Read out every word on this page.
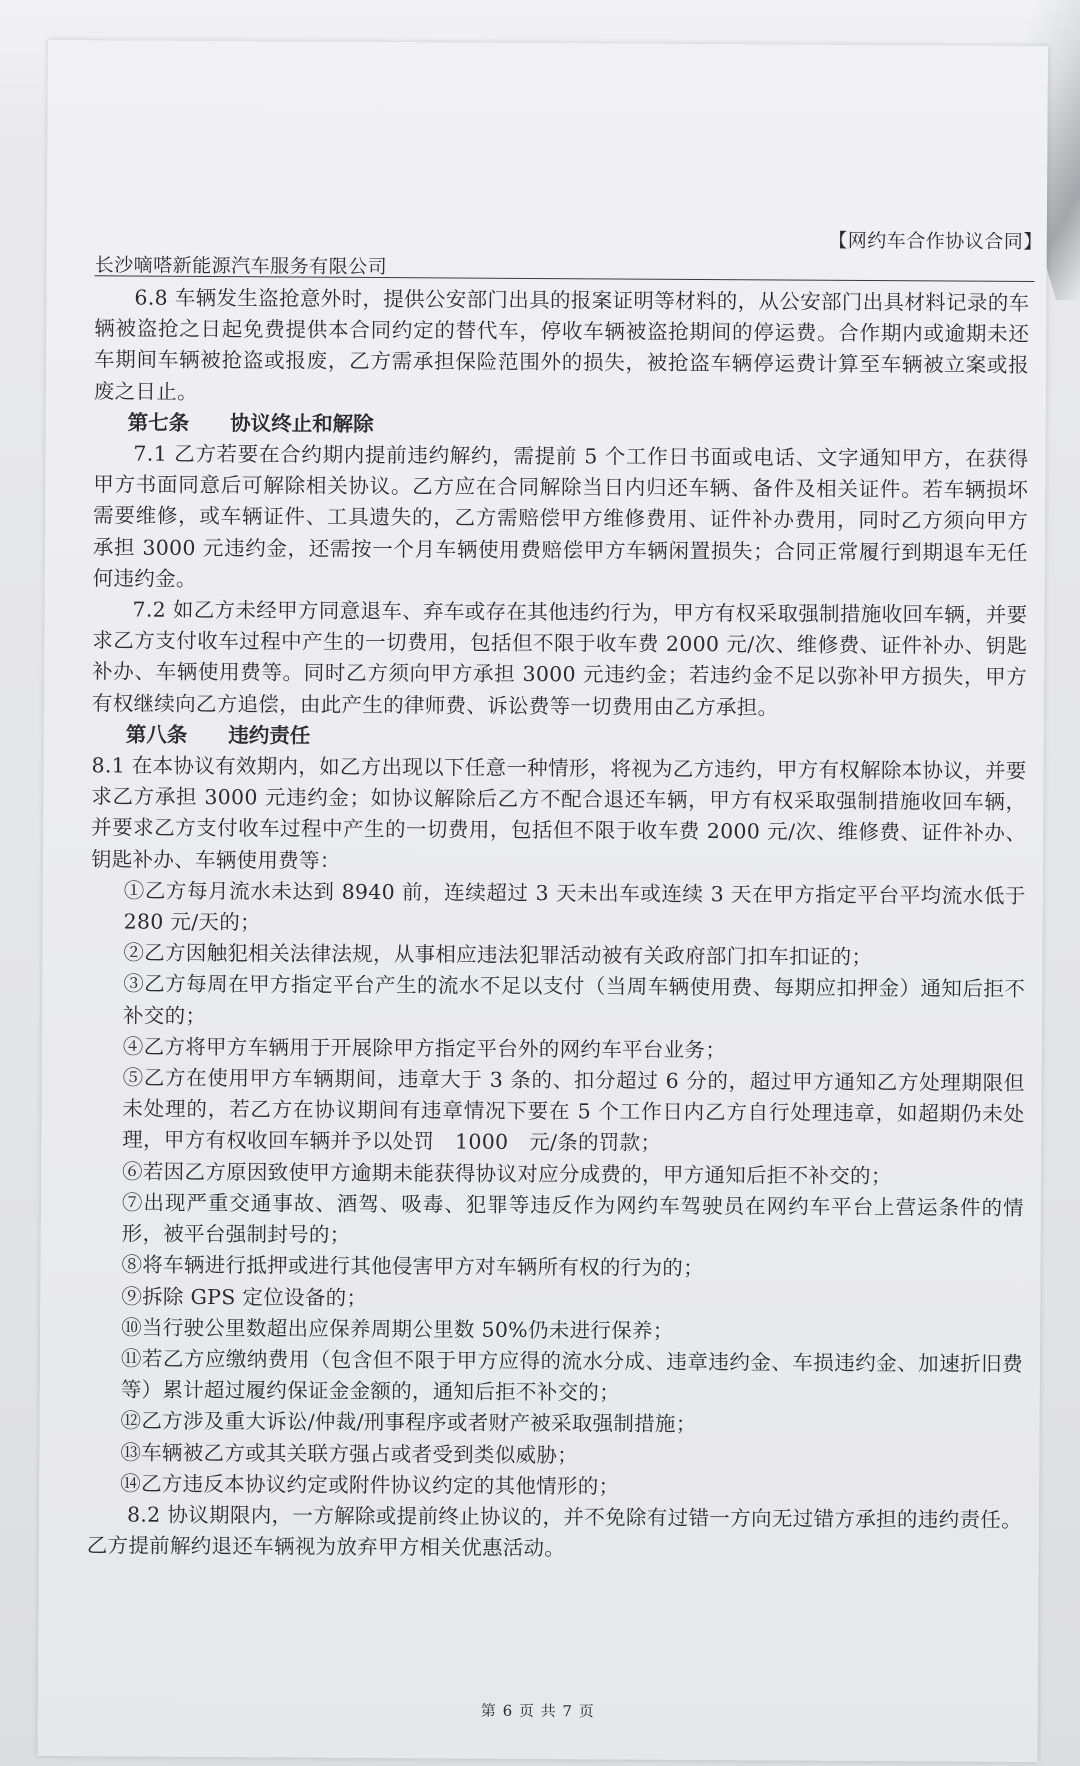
长沙嘀嗒新能源汽车服务有限公司
【网约车合作协议合同】

6.8 车辆发生盗抢意外时，提供公安部门出具的报案证明等材料的，从公安部门出具材料记录的车辆被盗抢之日起免费提供本合同约定的替代车，停收车辆被盗抢期间的停运费。合作期内或逾期未还车期间车辆被抢盗或报废，乙方需承担保险范围外的损失，被抢盗车辆停运费计算至车辆被立案或报废之日止。

第七条　　协议终止和解除

7.1 乙方若要在合约期内提前违约解约，需提前 5 个工作日书面或电话、文字通知甲方，在获得甲方书面同意后可解除相关协议。乙方应在合同解除当日内归还车辆、备件及相关证件。若车辆损坏需要维修，或车辆证件、工具遗失的，乙方需赔偿甲方维修费用、证件补办费用，同时乙方须向甲方承担 3000 元违约金，还需按一个月车辆使用费赔偿甲方车辆闲置损失；合同正常履行到期退车无任何违约金。

7.2 如乙方未经甲方同意退车、弃车或存在其他违约行为，甲方有权采取强制措施收回车辆，并要求乙方支付收车过程中产生的一切费用，包括但不限于收车费 2000 元/次、维修费、证件补办、钥匙补办、车辆使用费等。同时乙方须向甲方承担 3000 元违约金；若违约金不足以弥补甲方损失，甲方有权继续向乙方追偿，由此产生的律师费、诉讼费等一切费用由乙方承担。

第八条　　违约责任

8.1 在本协议有效期内，如乙方出现以下任意一种情形，将视为乙方违约，甲方有权解除本协议，并要求乙方承担 3000 元违约金；如协议解除后乙方不配合退还车辆，甲方有权采取强制措施收回车辆，并要求乙方支付收车过程中产生的一切费用，包括但不限于收车费 2000 元/次、维修费、证件补办、钥匙补办、车辆使用费等：

①乙方每月流水未达到 8940 前，连续超过 3 天未出车或连续 3 天在甲方指定平台平均流水低于 280 元/天的；

②乙方因触犯相关法律法规，从事相应违法犯罪活动被有关政府部门扣车扣证的；

③乙方每周在甲方指定平台产生的流水不足以支付（当周车辆使用费、每期应扣押金）通知后拒不补交的；

④乙方将甲方车辆用于开展除甲方指定平台外的网约车平台业务；

⑤乙方在使用甲方车辆期间，违章大于 3 条的、扣分超过 6 分的，超过甲方通知乙方处理期限但未处理的，若乙方在协议期间有违章情况下要在 5 个工作日内乙方自行处理违章，如超期仍未处理，甲方有权收回车辆并予以处罚　1000　元/条的罚款；

⑥若因乙方原因致使甲方逾期未能获得协议对应分成费的，甲方通知后拒不补交的；

⑦出现严重交通事故、酒驾、吸毒、犯罪等违反作为网约车驾驶员在网约车平台上营运条件的情形，被平台强制封号的；

⑧将车辆进行抵押或进行其他侵害甲方对车辆所有权的行为的；

⑨拆除 GPS 定位设备的；

⑩当行驶公里数超出应保养周期公里数 50%仍未进行保养；

⑪若乙方应缴纳费用（包含但不限于甲方应得的流水分成、违章违约金、车损违约金、加速折旧费等）累计超过履约保证金金额的，通知后拒不补交的；

⑫乙方涉及重大诉讼/仲裁/刑事程序或者财产被采取强制措施；

⑬车辆被乙方或其关联方强占或者受到类似威胁；

⑭乙方违反本协议约定或附件协议约定的其他情形的；

8.2 协议期限内，一方解除或提前终止协议的，并不免除有过错一方向无过错方承担的违约责任。乙方提前解约退还车辆视为放弃甲方相关优惠活动。

第 6 页 共 7 页
